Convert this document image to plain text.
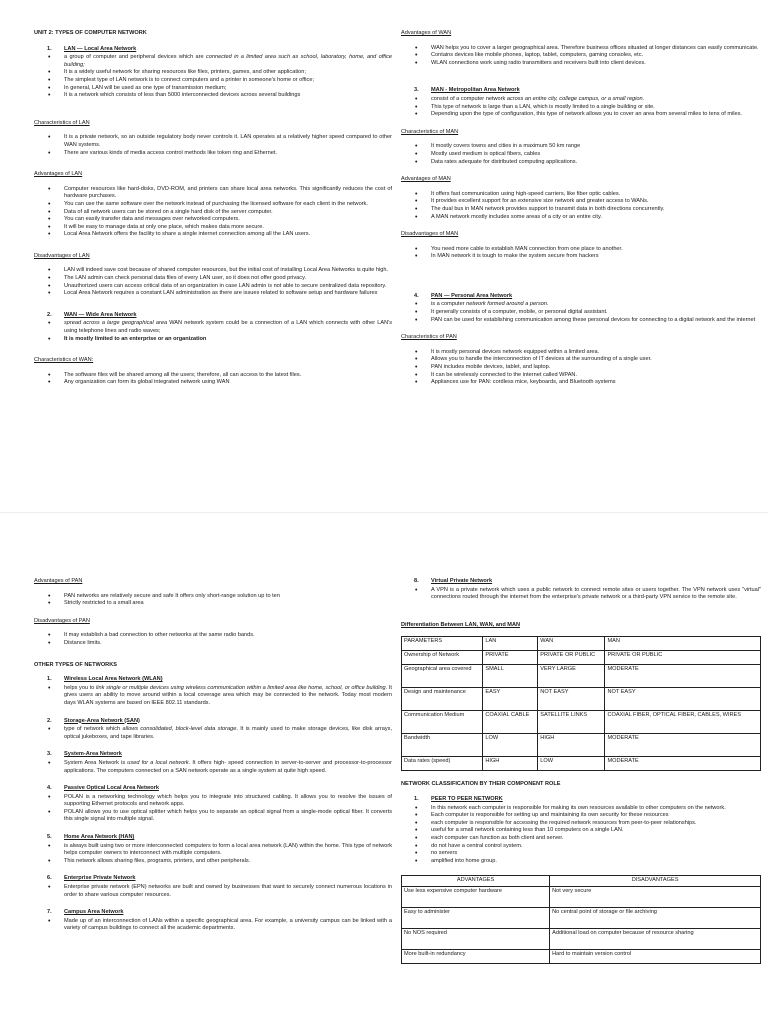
UNIT 2: TYPES OF COMPUTER NETWORK

1. LAN — Local Area Network

• a group of computer and peripheral devices which are connected in a limited area such as school, laboratory, home, and office building;
• It is a widely useful network for sharing resources like files, printers, games, and other application;
• The simplest type of LAN network is to connect computers and a printer in someone's home or office;
• In general, LAN will be used as one type of transmission medium;
• It is a network which consists of less than 5000 interconnected devices across several buildings

Characteristics of LAN

• It is a private network, so an outside regulatory body never controls it. LAN operates at a relatively higher speed compared to other WAN systems.
• There are various kinds of media access control methods like token ring and Ethernet.

Advantages of LAN

• Computer resources like hard-disks, DVD-ROM, and printers can share local area networks. This significantly reduces the cost of hardware purchases.
• You can use the same software over the network instead of purchasing the licensed software for each client in the network.
• Data of all network users can be stored on a single hard disk of the server computer.
• You can easily transfer data and messages over networked computers.
• It will be easy to manage data at only one place, which makes data more secure.
• Local Area Network offers the facility to share a single internet connection among all the LAN users.

Disadvantages of LAN

• LAN will indeed save cost because of shared computer resources, but the initial cost of installing Local Area Networks is quite high.
• The LAN admin can check personal data files of every LAN user, so it does not offer good privacy.
• Unauthorized users can access critical data of an organization in case LAN admin is not able to secure centralized data repository.
• Local Area Network requires a constant LAN administration as there are issues related to software setup and hardware failures

2. WAN — Wide Area Network

• spread across a large geographical area WAN network system could be a connection of a LAN which connects with other LAN's using telephone lines and radio waves;
• It is mostly limited to an enterprise or an organization

Characteristics of WAN:

• The software files will be shared among all the users; therefore, all can access to the latest files.
• Any organization can form its global integrated network using WAN

Advantages of WAN

• WAN helps you to cover a larger geographical area. Therefore business offices situated at longer distances can easily communicate.
• Contains devices like mobile phones, laptop, tablet, computers, gaming consoles, etc.
• WLAN connections work using radio transmitters and receivers built into client devices.

3. MAN - Metropolitan Area Network

• consist of a computer network across an entire city, college campus, or a small region.
• This type of network is large than a LAN, which is mostly limited to a single building or site.
• Depending upon the type of configuration, this type of network allows you to cover an area from several miles to tens of miles.

Characteristics of MAN

• It mostly covers towns and cities in a maximum 50 km range
• Mostly used medium is optical fibers, cables
• Data rates adequate for distributed computing applications.

Advantages of MAN

• It offers fast communication using high-speed carriers, like fiber optic cables.
• It provides excellent support for an extensive size network and greater access to WANs.
• The dual bus in MAN network provides support to transmit data in both directions concurrently.
• A MAN network mostly includes some areas of a city or an entire city.

Disadvantages of MAN

• You need more cable to establish MAN connection from one place to another.
• In MAN network it is tough to make the system secure from hackers

4. PAN — Personal Area Network

• is a computer network formed around a person.
• It generally consists of a computer, mobile, or personal digital assistant.
• PAN can be used for establishing communication among these personal devices for connecting to a digital network and the internet

Characteristics of PAN

• It is mostly personal devices network equipped within a limited area.
• Allows you to handle the interconnection of IT devices at the surrounding of a single user.
• PAN includes mobile devices, tablet, and laptop.
• It can be wirelessly connected to the internet called WPAN.
• Appliances use for PAN: cordless mice, keyboards, and Bluetooth systems

Advantages of PAN

• PAN networks are relatively secure and safe It offers only short-range solution up to ten
• Strictly restricted to a small area

Disadvantages of PAN

• It may establish a bad connection to other networks at the same radio bands.
• Distance limits.

OTHER TYPES OF NETWORKS

1. Wireless Local Area Network (WLAN)

• helps you to link single or multiple devices using wireless communication within a limited area like home, school, or office building. It gives users an ability to move around within a local coverage area which may be connected to the network. Today most modern days WLAN systems are based on IEEE 802.11 standards.

2. Storage-Area Network (SAN)

• type of network which allows consolidated, block-level data storage. It is mainly used to make storage devices, like disk arrays, optical jukeboxes, and tape libraries.

3. System-Area Network

• System Area Network is used for a local network. It offers high- speed connection in server-to-server and processor-to-processor applications. The computers connected on a SAN network operate as a single system at quite high speed.

4. Passive Optical Local Area Network

• POLAN is a networking technology which helps you to integrate into structured cabling. It allows you to resolve the issues of supporting Ethernet protocols and network apps.
• POLAN allows you to use optical splitter which helps you to separate an optical signal from a single-mode optical fiber. It converts this single signal into multiple signal.

5. Home Area Network (HAN)

• is always built using two or more interconnected computers to form a local area network (LAN) within the home. This type of network helps computer owners to interconnect with multiple computers.
• This network allows sharing files, programs, printers, and other peripherals.

6. Enterprise Private Network

• Enterprise private network (EPN) networks are built and owned by businesses that want to securely connect numerous locations in order to share various computer resources.

7. Campus Area Network

• Made up of an interconnection of LANs within a specific geographical area. For example, a university campus can be linked with a variety of campus buildings to connect all the academic departments.

8. Virtual Private Network

• A VPN is a private network which uses a public network to connect remote sites or users together. The VPN network uses "virtual" connections routed through the internet from the enterprise's private network or a third-party VPN service to the remote site.

Differentiation Between LAN, WAN, and MAN

PARAMETERS	LAN	WAN	MAN
Ownership of Network	PRIVATE	PRIVATE OR PUBLIC	PRIVATE OR PUBLIC
Geographical area covered	SMALL	VERY LARGE	MODERATE
Design and maintenance	EASY	NOT EASY	NOT EASY
Communication Medium	COAXIAL CABLE	SATELLITE LINKS	COAXIAL FIBER, OPTICAL FIBER, CABLES, WIRES
Bandwidth	LOW	HIGH	MODERATE
Data rates (speed)	HIGH	LOW	MODERATE

NETWORK CLASSIFICATION BY THEIR COMPONENT ROLE

1. PEER TO PEER NETWORK

• In this network each computer is responsible for making its own resources available to other computers on the network.
• Each computer is responsible for setting up and maintaining its own security for these resources
• each computer is responsible for accessing the required network resources from peer-to-peer relationships.
• useful for a small network containing less than 10 computers on a single LAN.
• each computer can function as both client and server.
• do not have a central control system.
• no servers
• amplified into home group.
ADVANTAGES	DISADVANTAGES
Use less expensive computer hardware	Not very secure
Easy to administer	No central point of storage or file archiving
No NOS required	Additional load on computer because of resource sharing
More built-in redundancy	Hard to maintain version control
